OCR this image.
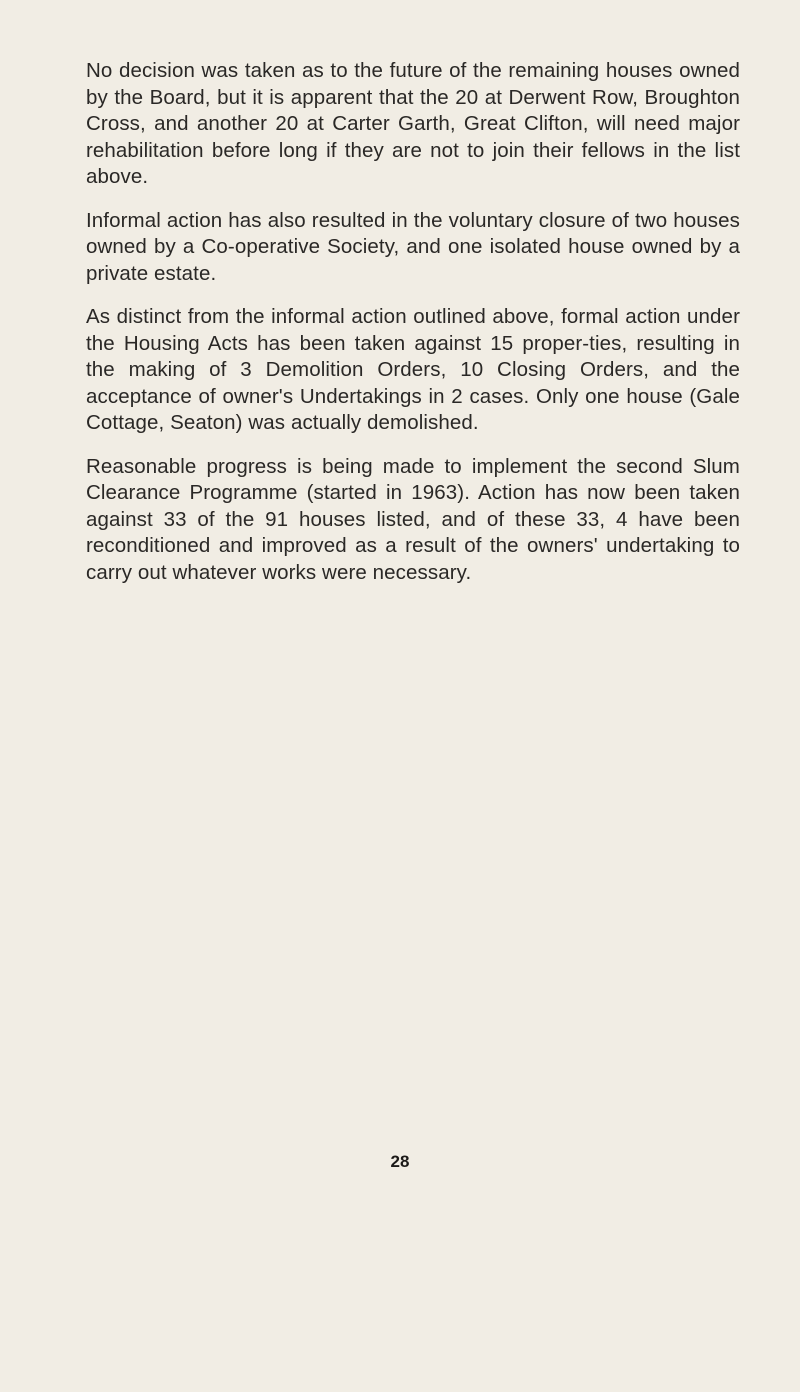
No decision was taken as to the future of the remaining houses owned by the Board, but it is apparent that the 20 at Derwent Row, Broughton Cross, and another 20 at Carter Garth, Great Clifton, will need major rehabilitation before long if they are not to join their fellows in the list above.

Informal action has also resulted in the voluntary closure of two houses owned by a Co-operative Society, and one isolated house owned by a private estate.

As distinct from the informal action outlined above, formal action under the Housing Acts has been taken against 15 proper-ties, resulting in the making of 3 Demolition Orders, 10 Closing Orders, and the acceptance of owner's Undertakings in 2 cases. Only one house (Gale Cottage, Seaton) was actually demolished.

Reasonable progress is being made to implement the second Slum Clearance Programme (started in 1963). Action has now been taken against 33 of the 91 houses listed, and of these 33, 4 have been reconditioned and improved as a result of the owners' undertaking to carry out whatever works were necessary.

28
